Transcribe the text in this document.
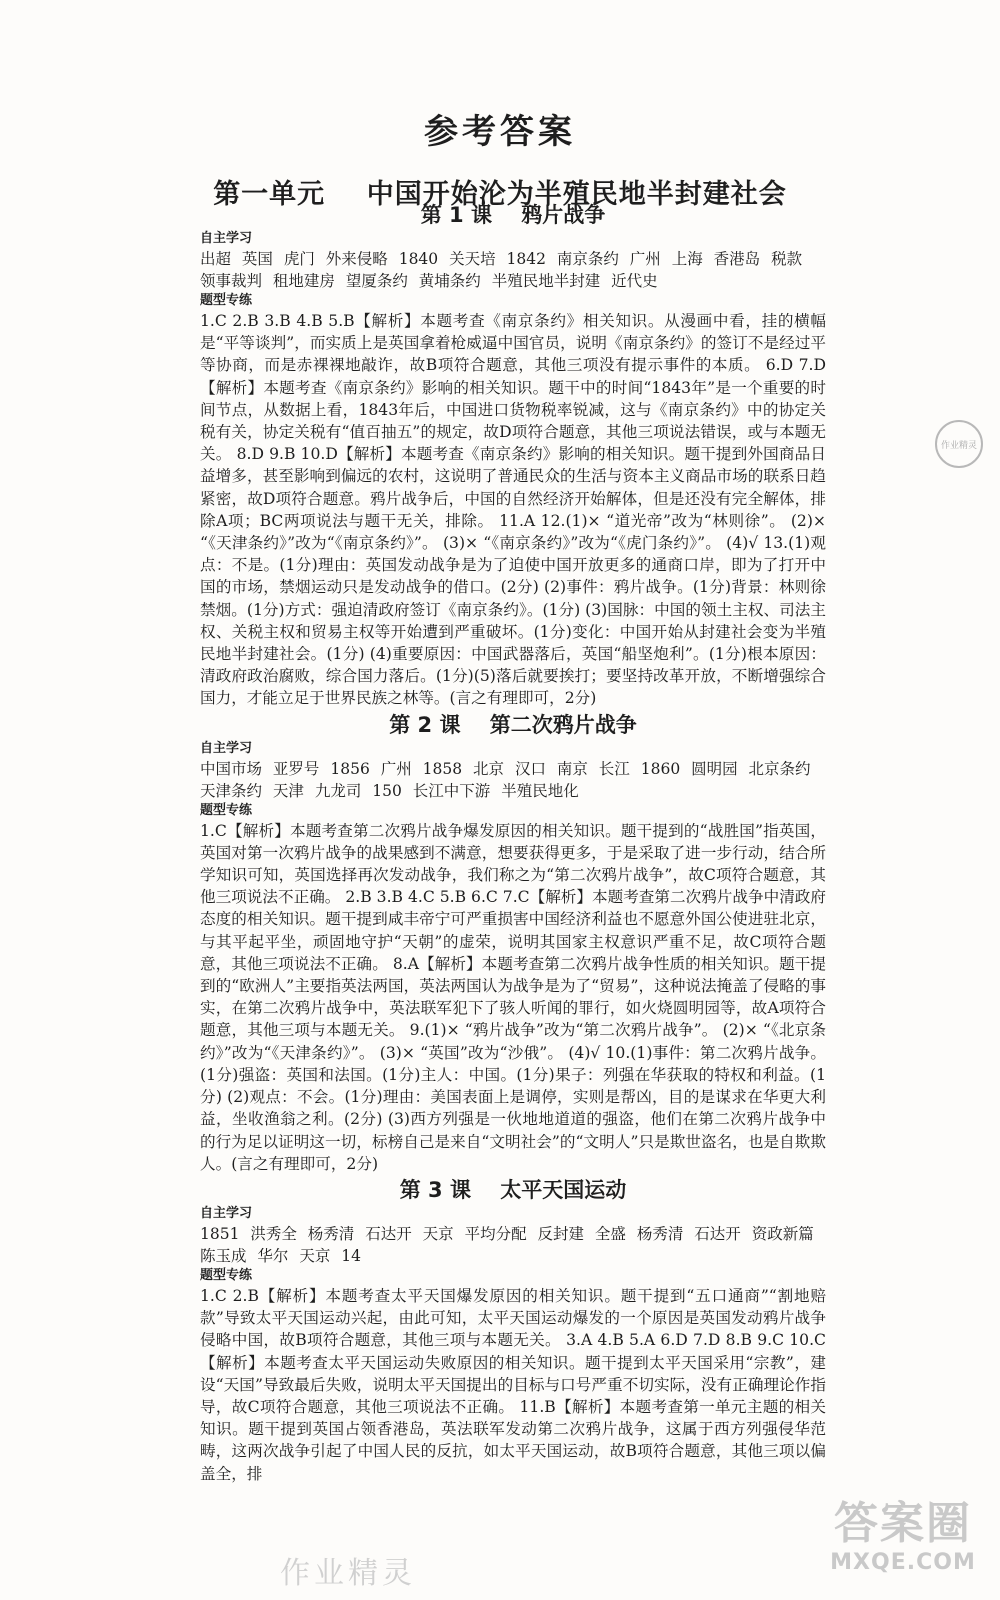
参考答案
第一单元    中国开始沦为半殖民地半封建社会
第 1 课    鸦片战争
自主学习
出超 英国 虎门 外来侵略 1840 关天培 1842 南京条约 广州 上海 香港岛 税款 领事裁判 租地建房 望厦条约 黄埔条约 半殖民地半封建 近代史
题型专练
1.C 2.B 3.B 4.B 5.B【解析】本题考查《南京条约》相关知识。从漫画中看，挂的横幅是“平等谈判”，而实质上是英国拿着枪威逼中国官员，说明《南京条约》的签订不是经过平等协商，而是赤裸裸地敲诈，故B项符合题意，其他三项没有提示事件的本质。 6.D 7.D【解析】本题考查《南京条约》影响的相关知识。题干中的时间“1843年”是一个重要的时间节点，从数据上看，1843年后，中国进口货物税率锐减，这与《南京条约》中的协定关税有关，协定关税有“值百抽五”的规定，故D项符合题意，其他三项说法错误，或与本题无关。 8.D 9.B 10.D【解析】本题考查《南京条约》影响的相关知识。题干提到外国商品日益增多，甚至影响到偏远的农村，这说明了普通民众的生活与资本主义商品市场的联系日趋紧密，故D项符合题意。鸦片战争后，中国的自然经济开始解体，但是还没有完全解体，排除A项；BC两项说法与题干无关，排除。 11.A 12.(1)× “道光帝”改为“林则徐”。 (2)× “《天津条约》”改为“《南京条约》”。 (3)× “《南京条约》”改为“《虎门条约》”。 (4)√ 13.(1)观点：不是。(1分)理由：英国发动战争是为了迫使中国开放更多的通商口岸，即为了打开中国的市场，禁烟运动只是发动战争的借口。(2分) (2)事件：鸦片战争。(1分)背景：林则徐禁烟。(1分)方式：强迫清政府签订《南京条约》。(1分) (3)国脉：中国的领土主权、司法主权、关税主权和贸易主权等开始遭到严重破坏。(1分)变化：中国开始从封建社会变为半殖民地半封建社会。(1分) (4)重要原因：中国武器落后，英国“船坚炮利”。(1分)根本原因：清政府政治腐败，综合国力落后。(1分)(5)落后就要挨打；要坚持改革开放，不断增强综合国力，才能立足于世界民族之林等。(言之有理即可，2分)
第 2 课    第二次鸦片战争
自主学习
中国市场 亚罗号 1856 广州 1858 北京 汉口 南京 长江 1860 圆明园 北京条约 天津条约 天津 九龙司 150 长江中下游 半殖民地化
题型专练
1.C【解析】本题考查第二次鸦片战争爆发原因的相关知识。题干提到的“战胜国”指英国，英国对第一次鸦片战争的战果感到不满意，想要获得更多，于是采取了进一步行动，结合所学知识可知，英国选择再次发动战争，我们称之为“第二次鸦片战争”，故C项符合题意，其他三项说法不正确。 2.B 3.B 4.C 5.B 6.C 7.C【解析】本题考查第二次鸦片战争中清政府态度的相关知识。题干提到咸丰帝宁可严重损害中国经济利益也不愿意外国公使进驻北京，与其平起平坐，顽固地守护“天朝”的虚荣，说明其国家主权意识严重不足，故C项符合题意，其他三项说法不正确。 8.A【解析】本题考查第二次鸦片战争性质的相关知识。题干提到的“欧洲人”主要指英法两国，英法两国认为战争是为了“贸易”，这种说法掩盖了侵略的事实，在第二次鸦片战争中，英法联军犯下了骇人听闻的罪行，如火烧圆明园等，故A项符合题意，其他三项与本题无关。 9.(1)× “鸦片战争”改为“第二次鸦片战争”。 (2)× “《北京条约》”改为“《天津条约》”。 (3)× “英国”改为“沙俄”。 (4)√ 10.(1)事件：第二次鸦片战争。(1分)强盗：英国和法国。(1分)主人：中国。(1分)果子：列强在华获取的特权和利益。(1分) (2)观点：不会。(1分)理由：美国表面上是调停，实则是帮凶，目的是谋求在华更大利益，坐收渔翁之利。(2分) (3)西方列强是一伙地地道道的强盗，他们在第二次鸦片战争中的行为足以证明这一切，标榜自己是来自“文明社会”的“文明人”只是欺世盗名，也是自欺欺人。(言之有理即可，2分)
第 3 课    太平天国运动
自主学习
1851 洪秀全 杨秀清 石达开 天京 平均分配 反封建 全盛 杨秀清 石达开 资政新篇 陈玉成 华尔 天京 14
题型专练
1.C 2.B【解析】本题考查太平天国爆发原因的相关知识。题干提到“五口通商”“割地赔款”导致太平天国运动兴起，由此可知，太平天国运动爆发的一个原因是英国发动鸦片战争侵略中国，故B项符合题意，其他三项与本题无关。 3.A 4.B 5.A 6.D 7.D 8.B 9.C 10.C【解析】本题考查太平天国运动失败原因的相关知识。题干提到太平天国采用“宗教”，建设“天国”导致最后失败，说明太平天国提出的目标与口号严重不切实际，没有正确理论作指导，故C项符合题意，其他三项说法不正确。 11.B【解析】本题考查第一单元主题的相关知识。题干提到英国占领香港岛，英法联军发动第二次鸦片战争，这属于西方列强侵华范畴，这两次战争引起了中国人民的反抗，如太平天国运动，故B项符合题意，其他三项以偏盖全，排
作业精灵
作业精灵
答案圈
MXQE.COM
